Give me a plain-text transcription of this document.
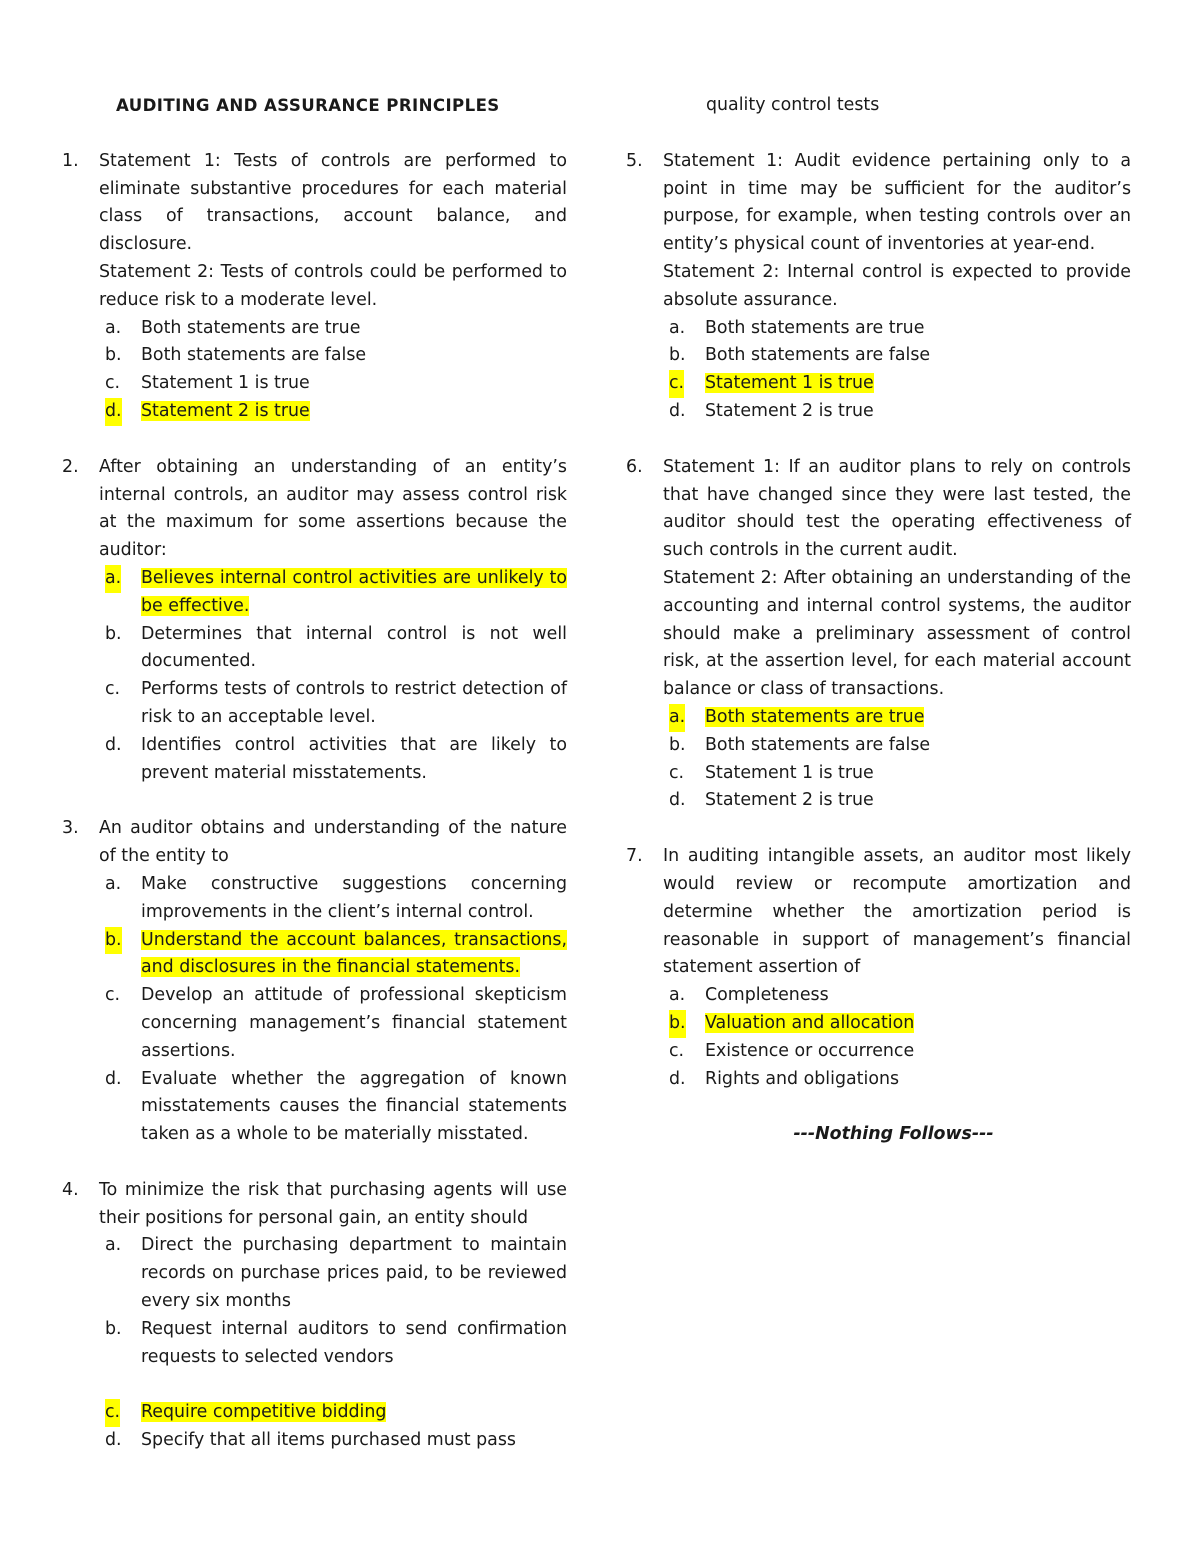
AUDITING AND ASSURANCE PRINCIPLES
1. Statement 1: Tests of controls are performed to eliminate substantive procedures for each material class of transactions, account balance, and disclosure.
Statement 2: Tests of controls could be performed to reduce risk to a moderate level.
a. Both statements are true
b. Both statements are false
c. Statement 1 is true
d. Statement 2 is true
2. After obtaining an understanding of an entity’s internal controls, an auditor may assess control risk at the maximum for some assertions because the auditor:
a. Believes internal control activities are unlikely to be effective.
b. Determines that internal control is not well documented.
c. Performs tests of controls to restrict detection of risk to an acceptable level.
d. Identifies control activities that are likely to prevent material misstatements.
3. An auditor obtains and understanding of the nature of the entity to
a. Make constructive suggestions concerning improvements in the client’s internal control.
b. Understand the account balances, transactions, and disclosures in the financial statements.
c. Develop an attitude of professional skepticism concerning management’s financial statement assertions.
d. Evaluate whether the aggregation of known misstatements causes the financial statements taken as a whole to be materially misstated.
4. To minimize the risk that purchasing agents will use their positions for personal gain, an entity should
a. Direct the purchasing department to maintain records on purchase prices paid, to be reviewed every six months
b. Request internal auditors to send confirmation requests to selected vendors
c. Require competitive bidding
d. Specify that all items purchased must pass
quality control tests
5. Statement 1: Audit evidence pertaining only to a point in time may be sufficient for the auditor’s purpose, for example, when testing controls over an entity’s physical count of inventories at year-end.
Statement 2: Internal control is expected to provide absolute assurance.
a. Both statements are true
b. Both statements are false
c. Statement 1 is true
d. Statement 2 is true
6. Statement 1: If an auditor plans to rely on controls that have changed since they were last tested, the auditor should test the operating effectiveness of such controls in the current audit.
Statement 2: After obtaining an understanding of the accounting and internal control systems, the auditor should make a preliminary assessment of control risk, at the assertion level, for each material account balance or class of transactions.
a. Both statements are true
b. Both statements are false
c. Statement 1 is true
d. Statement 2 is true
7. In auditing intangible assets, an auditor most likely would review or recompute amortization and determine whether the amortization period is reasonable in support of management’s financial statement assertion of
a. Completeness
b. Valuation and allocation
c. Existence or occurrence
d. Rights and obligations
---Nothing Follows---
